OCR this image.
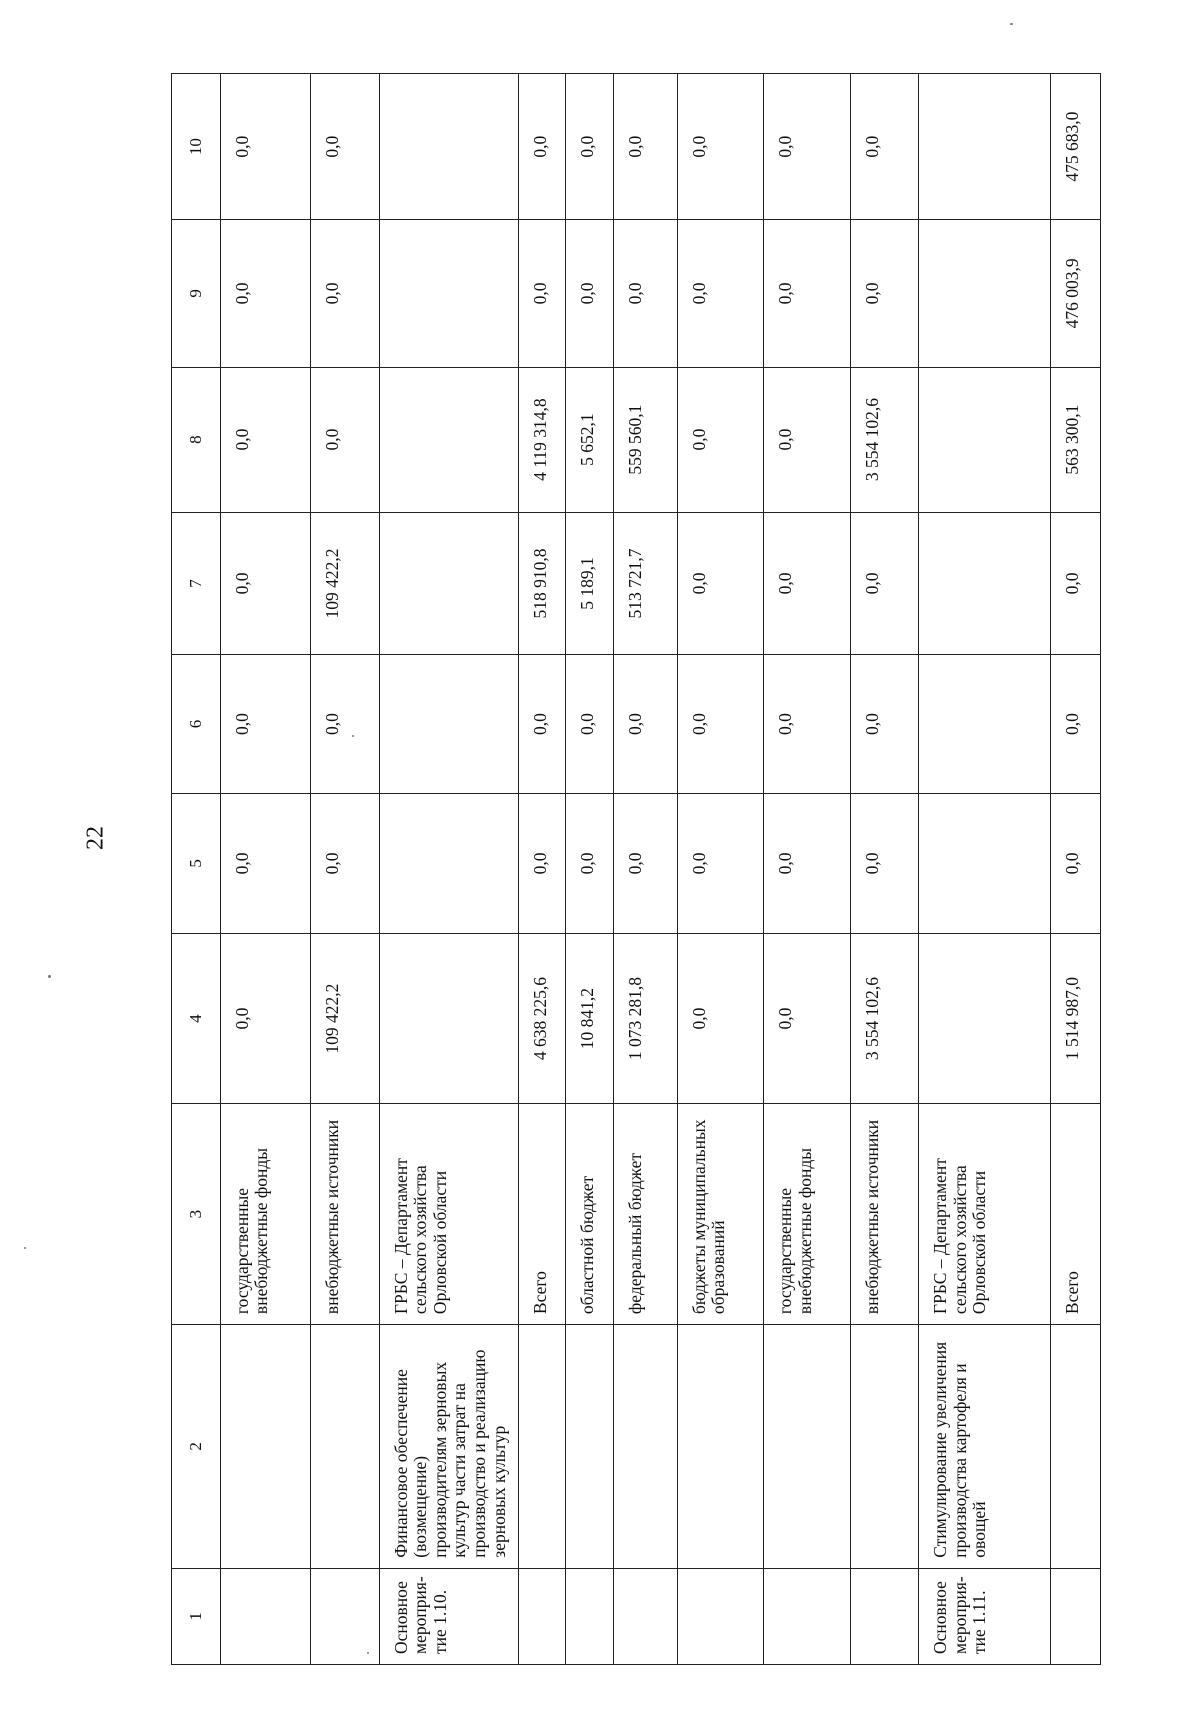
22
1	2	3	4	5	6	7	8	9	10
		государственные внебюджетные фонды	0,0	0,0	0,0	0,0	0,0	0,0	0,0
		внебюджетные источники	109 422,2	0,0	0,0	109 422,2	0,0	0,0	0,0
Основное мероприя-тие 1.10.	Финансовое обеспечение (возмещение) производителям зерновых культур части затрат на производство и реализацию зерновых культур	ГРБС – Департамент сельского хозяйства Орловской области							
		Всего	4 638 225,6	0,0	0,0	518 910,8	4 119 314,8	0,0	0,0
		областной бюджет	10 841,2	0,0	0,0	5 189,1	5 652,1	0,0	0,0
		федеральный бюджет	1 073 281,8	0,0	0,0	513 721,7	559 560,1	0,0	0,0
		бюджеты муниципальных образований	0,0	0,0	0,0	0,0	0,0	0,0	0,0
		государственные внебюджетные фонды	0,0	0,0	0,0	0,0	0,0	0,0	0,0
		внебюджетные источники	3 554 102,6	0,0	0,0	0,0	3 554 102,6	0,0	0,0
Основное мероприя-тие 1.11.	Стимулирование увеличения производства картофеля и овощей	ГРБС – Департамент сельского хозяйства Орловской области							
		Всего	1 514 987,0	0,0	0,0	0,0	563 300,1	476 003,9	475 683,0
